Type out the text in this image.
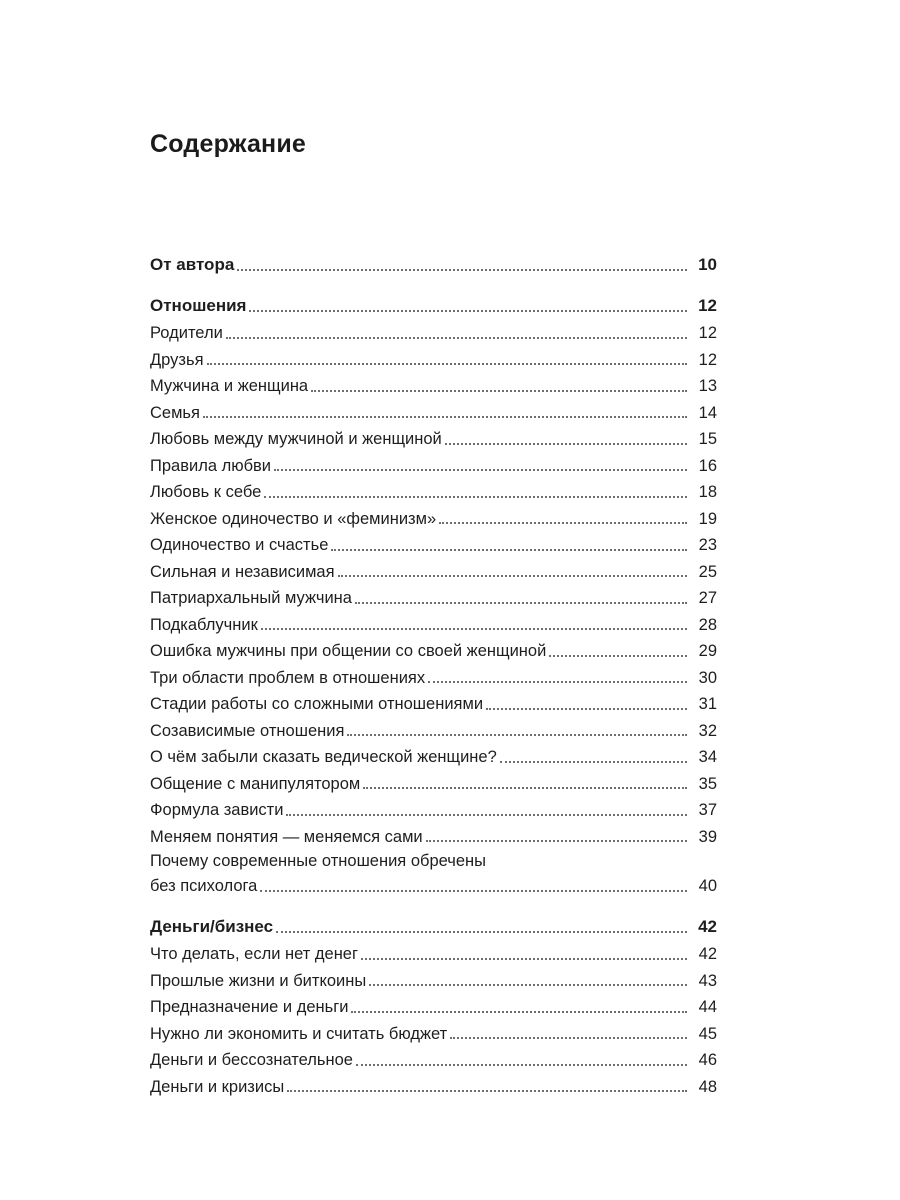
Содержание
От автора	10
Отношения	12
Родители	12
Друзья	12
Мужчина и женщина	13
Семья	14
Любовь между мужчиной и женщиной	15
Правила любви	16
Любовь к себе	18
Женское одиночество и «феминизм»	19
Одиночество и счастье	23
Сильная и независимая	25
Патриархальный мужчина	27
Подкаблучник	28
Ошибка мужчины при общении со своей женщиной	29
Три области проблем в отношениях	30
Стадии работы со сложными отношениями	31
Созависимые отношения	32
О чём забыли сказать ведической женщине?	34
Общение с манипулятором	35
Формула зависти	37
Меняем понятия — меняемся сами	39
Почему современные отношения обречены
без психолога	40
Деньги/бизнес	42
Что делать, если нет денег	42
Прошлые жизни и биткоины	43
Предназначение и деньги	44
Нужно ли экономить и считать бюджет	45
Деньги и бессознательное	46
Деньги и кризисы	48
